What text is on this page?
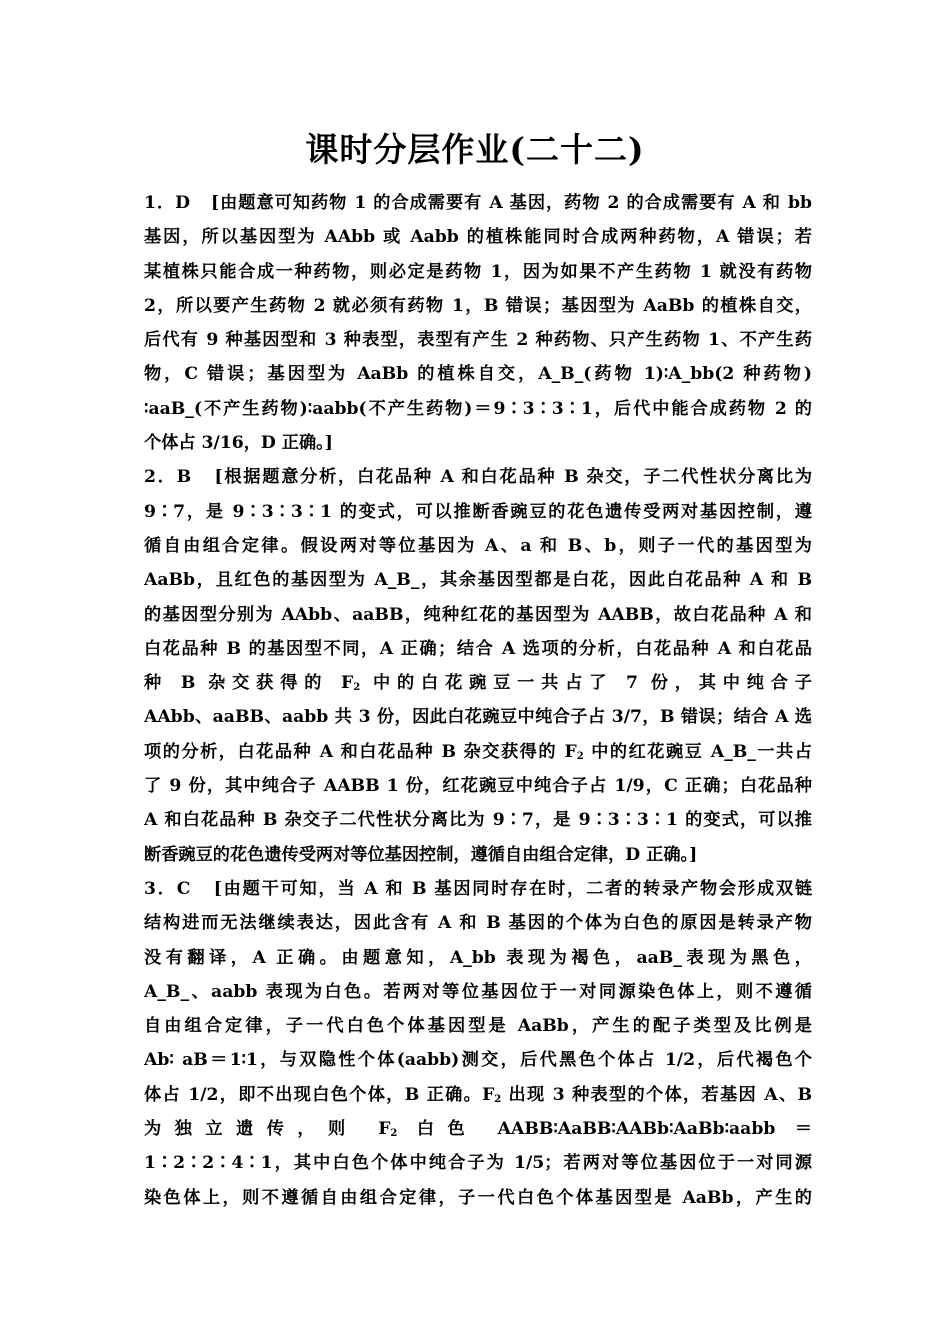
课时分层作业(二十二)
1．D [由题意可知药物 1 的合成需要有 A 基因，药物 2 的合成需要有 A 和 bb
基因，所以基因型为 AAbb 或 Aabb 的植株能同时合成两种药物，A 错误；若
某植株只能合成一种药物，则必定是药物 1，因为如果不产生药物 1 就没有药物
2，所以要产生药物 2 就必须有药物 1，B 错误；基因型为 AaBb 的植株自交，
后代有 9 种基因型和 3 种表型，表型有产生 2 种药物、只产生药物 1、不产生药
物，C 错误；基因型为 AaBb 的植株自交，A_B_(药物 1)∶A_bb(2 种药物)
∶aaB_(不产生药物)∶aabb(不产生药物)＝9∶3∶3∶1，后代中能合成药物 2 的
个体占 3/16，D 正确。]
2．B [根据题意分析，白花品种 A 和白花品种 B 杂交，子二代性状分离比为
9∶7，是 9∶3∶3∶1 的变式，可以推断香豌豆的花色遗传受两对基因控制，遵
循自由组合定律。假设两对等位基因为 A、a 和 B、b，则子一代的基因型为
AaBb，且红色的基因型为 A_B_，其余基因型都是白花，因此白花品种 A 和 B
的基因型分别为 AAbb、aaBB，纯种红花的基因型为 AABB，故白花品种 A 和
白花品种 B 的基因型不同，A 正确；结合 A 选项的分析，白花品种 A 和白花品
种 B 杂交获得的 $F_2$ 中的白花豌豆一共占了 7 份，其中纯合子
AAbb、aaBB、aabb 共 3 份，因此白花豌豆中纯合子占 3/7，B 错误；结合 A 选
项的分析，白花品种 A 和白花品种 B 杂交获得的 $F_2$ 中的红花豌豆 A_B_一共占
了 9 份，其中纯合子 AABB 1 份，红花豌豆中纯合子占 1/9，C 正确；白花品种
A 和白花品种 B 杂交子二代性状分离比为 9∶7，是 9∶3∶3∶1 的变式，可以推
断香豌豆的花色遗传受两对等位基因控制，遵循自由组合定律，D 正确。]
3．C [由题干可知，当 A 和 B 基因同时存在时，二者的转录产物会形成双链
结构进而无法继续表达，因此含有 A 和 B 基因的个体为白色的原因是转录产物
没有翻译，A 正确。由题意知，A_bb 表现为褐色，aaB_表现为黑色，
A_B_、aabb 表现为白色。若两对等位基因位于一对同源染色体上，则不遵循
自由组合定律，子一代白色个体基因型是 AaBb，产生的配子类型及比例是
Ab∶ aB＝1∶1，与双隐性个体(aabb)测交，后代黑色个体占 1/2，后代褐色个
体占 1/2，即不出现白色个体，B 正确。$F_2$ 出现 3 种表型的个体，若基因 A、B
为独立遗传，则 $F_2$ 白色 AABB∶AaBB∶AABb∶AaBb∶aabb ＝
1∶2∶2∶4∶1，其中白色个体中纯合子为 1/5；若两对等位基因位于一对同源
染色体上，则不遵循自由组合定律，子一代白色个体基因型是 AaBb，产生的
